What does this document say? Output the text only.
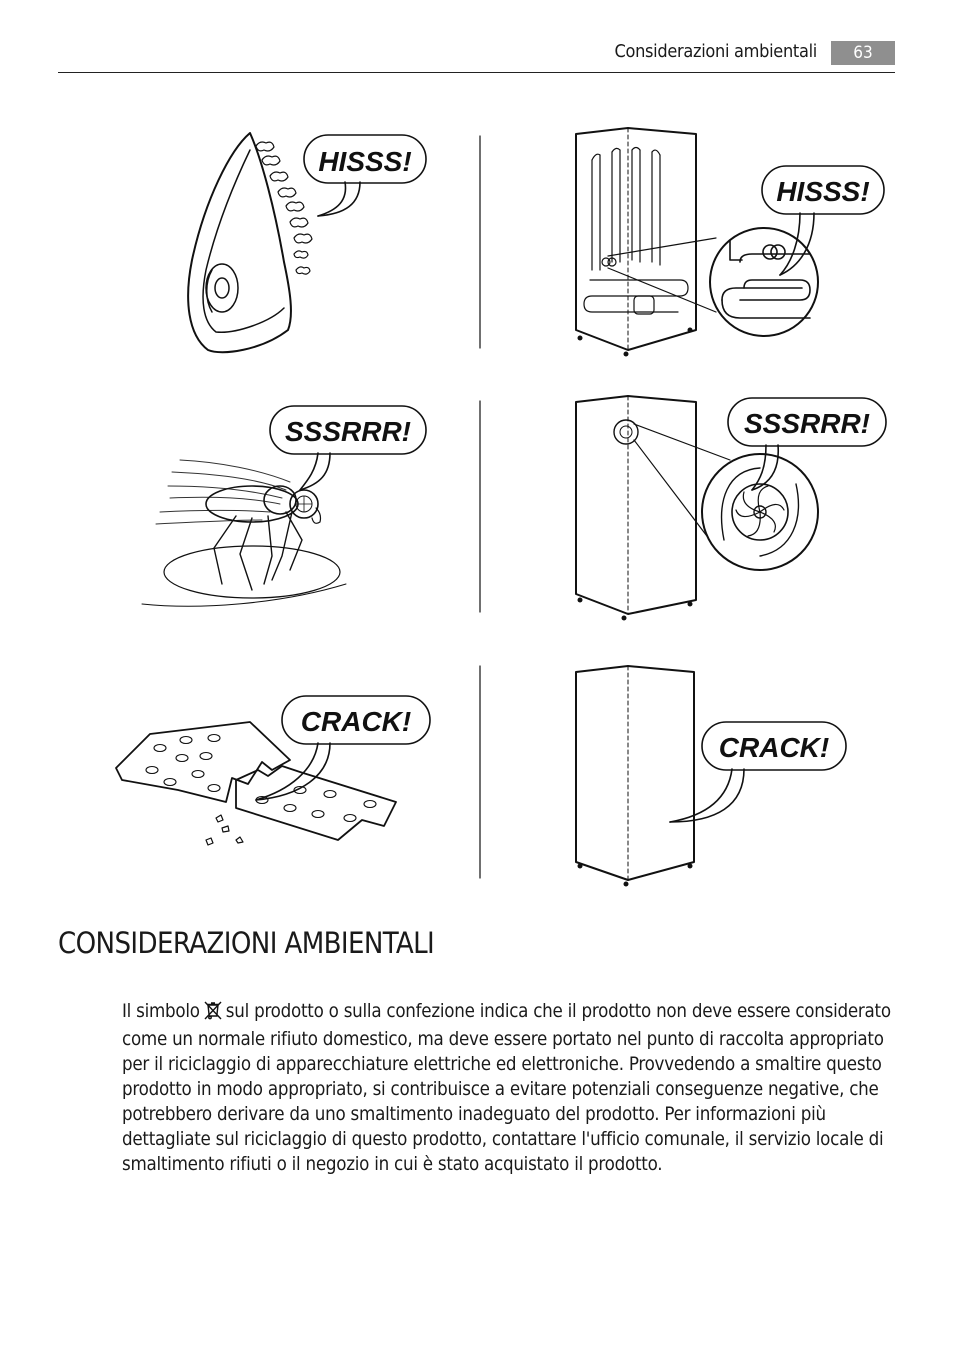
Considerazioni ambientali	63
HISSS!
HISSS!
SSSRRR!	SSSRRR!
CRACK!
CRACK!
CONSIDERAZIONI AMBIENTALI
Il simbolo sul prodotto o sulla confezione indica che il prodotto non deve essere considerato come un normale rifiuto domestico, ma deve essere portato nel punto di raccolta appropriato per il riciclaggio di apparecchiature elettriche ed elettroniche. Provvedendo a smaltire questo prodotto in modo appropriato, si contribuisce a evitare potenziali conseguenze negative, che potrebbero derivare da uno smaltimento inadeguato del prodotto. Per informazioni più dettagliate sul riciclaggio di questo prodotto, contattare l'ufficio comunale, il servizio locale di smaltimento rifiuti o il negozio in cui è stato acquistato il prodotto.
